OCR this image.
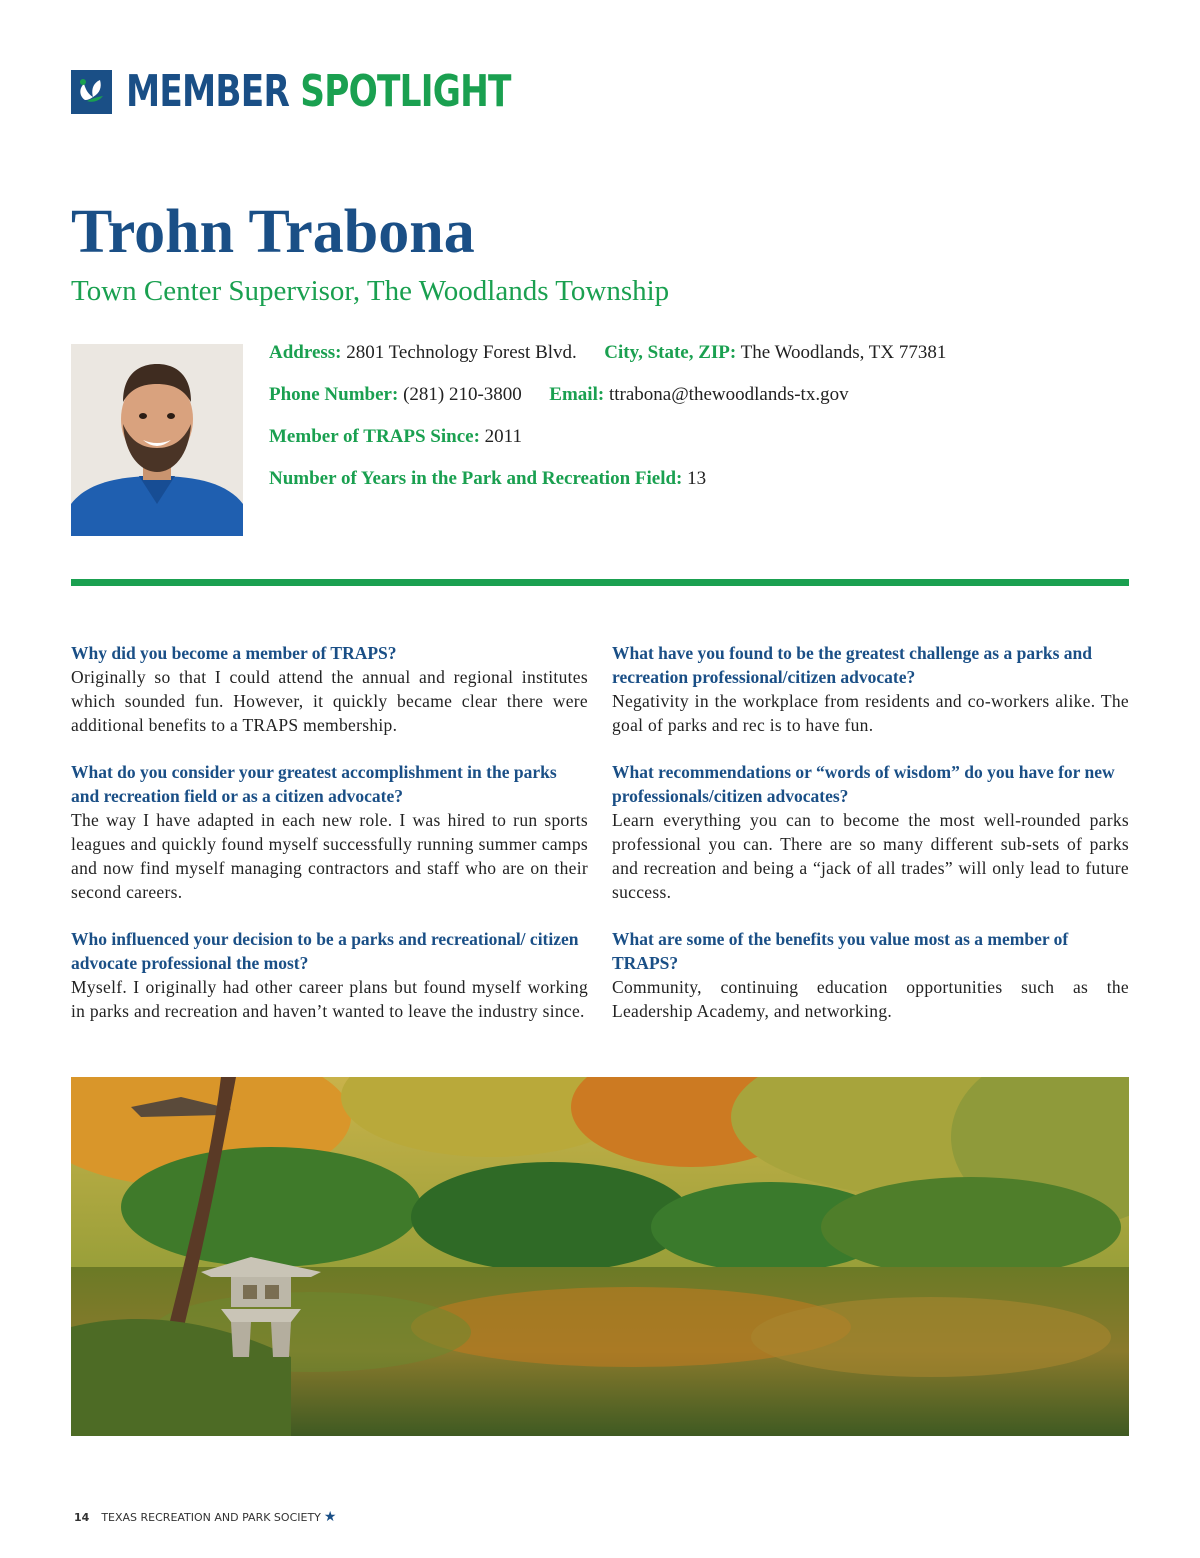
MEMBER SPOTLIGHT
Trohn Trabona
Town Center Supervisor, The Woodlands Township
Address: 2801 Technology Forest Blvd. City, State, ZIP: The Woodlands, TX 77381
Phone Number: (281) 210-3800 Email: ttrabona@thewoodlands-tx.gov
Member of TRAPS Since: 2011
Number of Years in the Park and Recreation Field: 13
Why did you become a member of TRAPS?
Originally so that I could attend the annual and regional institutes which sounded fun. However, it quickly became clear there were additional benefits to a TRAPS membership.
What do you consider your greatest accomplishment in the parks and recreation field or as a citizen advocate?
The way I have adapted in each new role. I was hired to run sports leagues and quickly found myself successfully running summer camps and now find myself managing contractors and staff who are on their second careers.
Who influenced your decision to be a parks and recreational/ citizen advocate professional the most?
Myself. I originally had other career plans but found myself working in parks and recreation and haven’t wanted to leave the industry since.
What have you found to be the greatest challenge as a parks and recreation professional/citizen advocate?
Negativity in the workplace from residents and co-workers alike. The goal of parks and rec is to have fun.
What recommendations or “words of wisdom” do you have for new professionals/citizen advocates?
Learn everything you can to become the most well-rounded parks professional you can. There are so many different sub-sets of parks and recreation and being a “jack of all trades” will only lead to future success.
What are some of the benefits you value most as a member of TRAPS?
Community, continuing education opportunities such as the Leadership Academy, and networking.
14 TEXAS RECREATION AND PARK SOCIETY ★
